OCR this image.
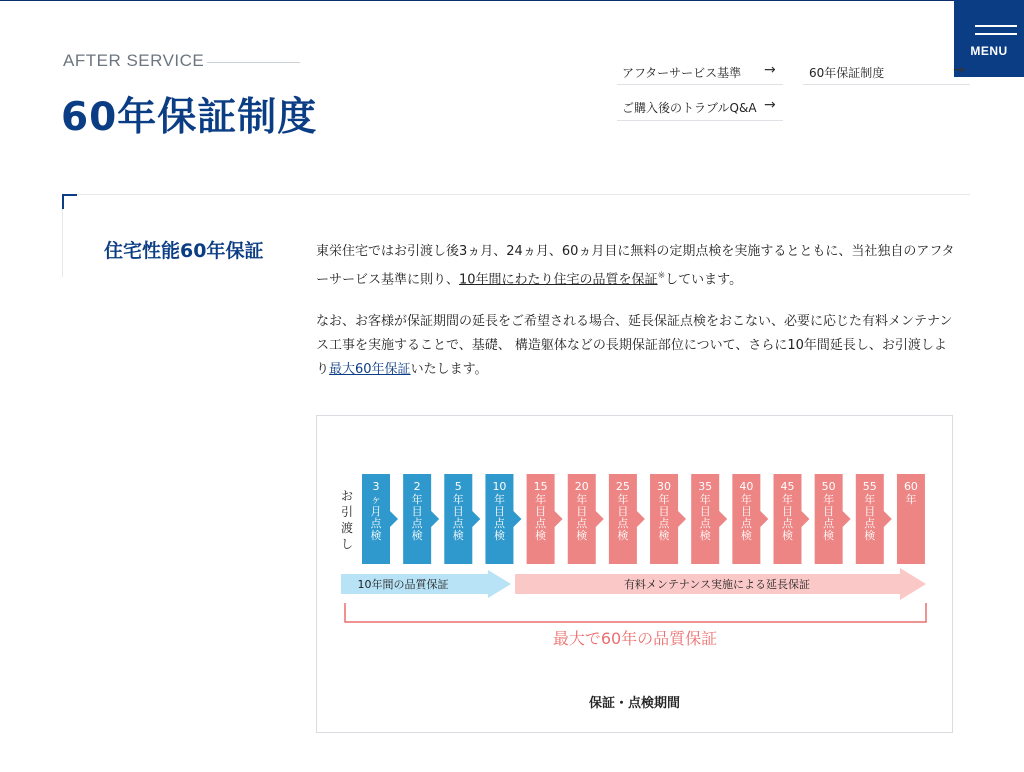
MENU
AFTER SERVICE
60年保証制度
アフターサービス基準 →	60年保証制度	→
ご購入後のトラブルQ&A →
住宅性能60年保証	東栄住宅ではお引渡し後3ヵ月、24ヵ月、60ヵ月目に無料の定期点検を実施するとともに、当社独自のアフターサービス基準に則り、10年間にわたり住宅の品質を保証※しています。

なお、お客様が保証期間の延長をご希望される場合、延長保証点検をおこない、必要に応じた有料メンテナンス工事を実施することで、基礎、 構造躯体などの長期保証部位について、さらに10年間延長し、お引渡しより最大60年保証いたします。

お
引
渡
し
3
ヶ
月
点
検
2
年
目
点
検
5
年
目
点
検
10
年
目
点
検
15
年
目
点
検
20
年
目
点
検
25
年
目
点
検
30
年
目
点
検
35
年
目
点
検
40
年
目
点
検
45
年
目
点
検
50
年
目
点
検
55
年
目
点
検
60
年
10年間の品質保証	有料メンテナンス実施による延長保証
最大で60年の品質保証
保証・点検期間
